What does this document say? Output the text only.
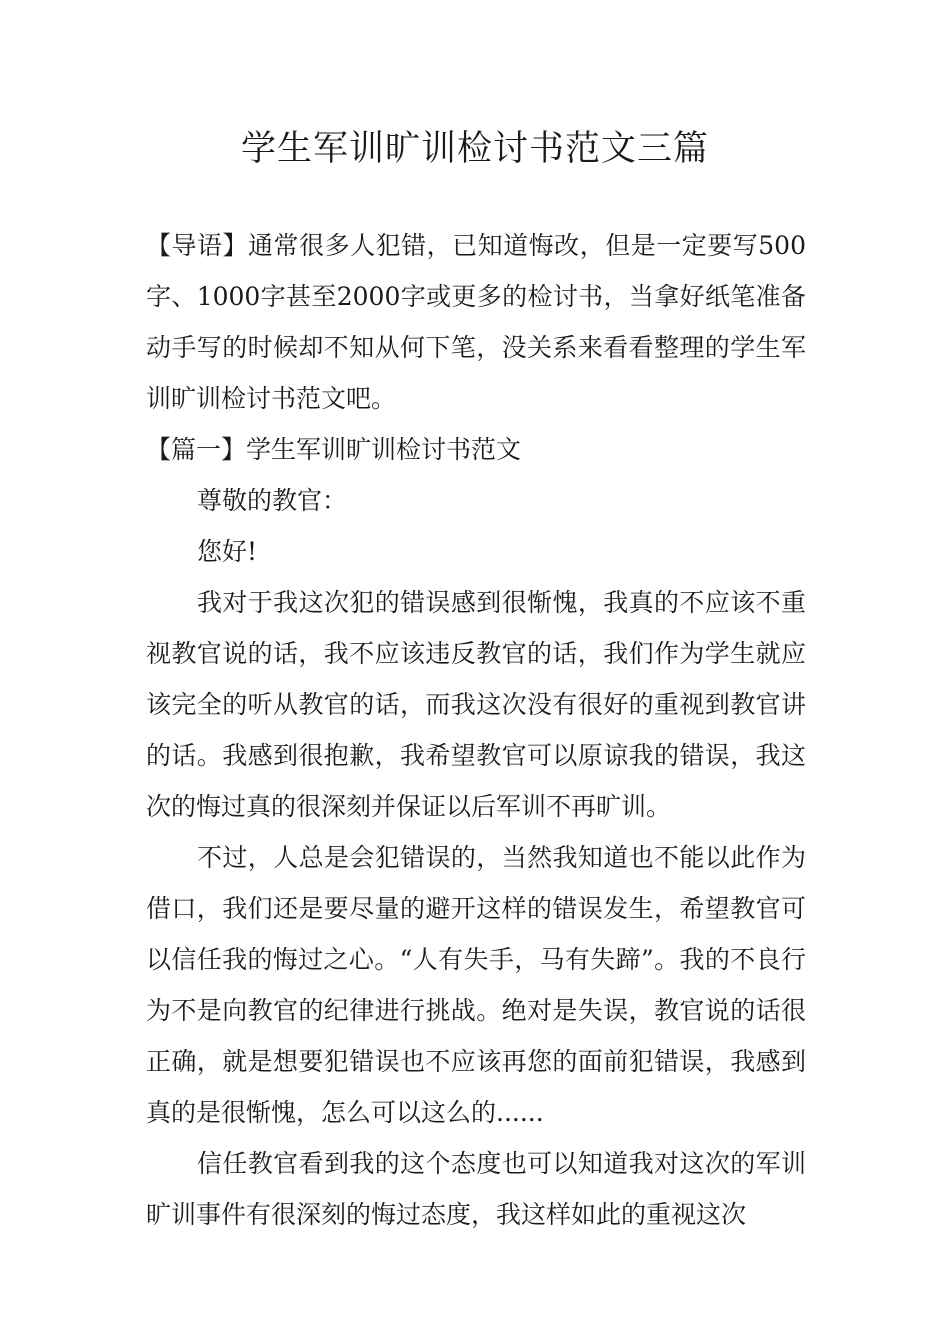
学生军训旷训检讨书范文三篇

【导语】通常很多人犯错，已知道悔改，但是一定要写500字、1000字甚至2000字或更多的检讨书，当拿好纸笔准备动手写的时候却不知从何下笔，没关系来看看整理的学生军训旷训检讨书范文吧。

【篇一】学生军训旷训检讨书范文

尊敬的教官：

您好!

我对于我这次犯的错误感到很惭愧，我真的不应该不重视教官说的话，我不应该违反教官的话，我们作为学生就应该完全的听从教官的话，而我这次没有很好的重视到教官讲的话。我感到很抱歉，我希望教官可以原谅我的错误，我这次的悔过真的很深刻并保证以后军训不再旷训。

不过，人总是会犯错误的，当然我知道也不能以此作为借口，我们还是要尽量的避开这样的错误发生，希望教官可以信任我的悔过之心。“人有失手，马有失蹄”。我的不良行为不是向教官的纪律进行挑战。绝对是失误，教官说的话很正确，就是想要犯错误也不应该再您的面前犯错误，我感到真的是很惭愧，怎么可以这么的......

信任教官看到我的这个态度也可以知道我对这次的军训旷训事件有很深刻的悔过态度，我这样如此的重视这次
